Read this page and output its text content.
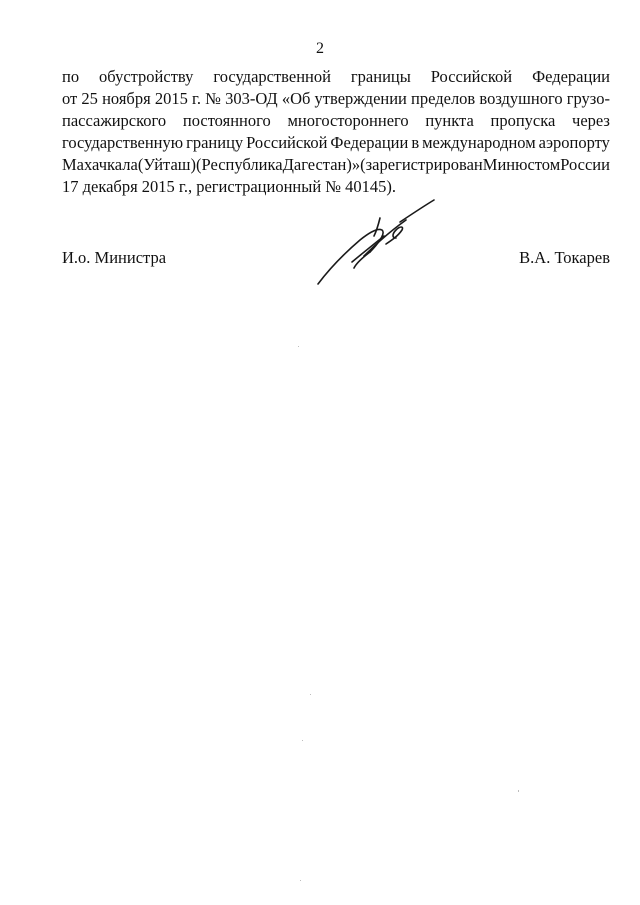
2
по обустройству государственной границы Российской Федерации
от 25 ноября 2015 г. № 303-ОД «Об утверждении пределов воздушного грузо-
пассажирского постоянного многостороннего пункта пропуска через
государственную границу Российской Федерации в международном аэропорту
Махачкала (Уйташ) (Республика Дагестан)» (зарегистрирован Минюстом России
17 декабря 2015 г., регистрационный № 40145).
И.о. Министра	В.А. Токарев
